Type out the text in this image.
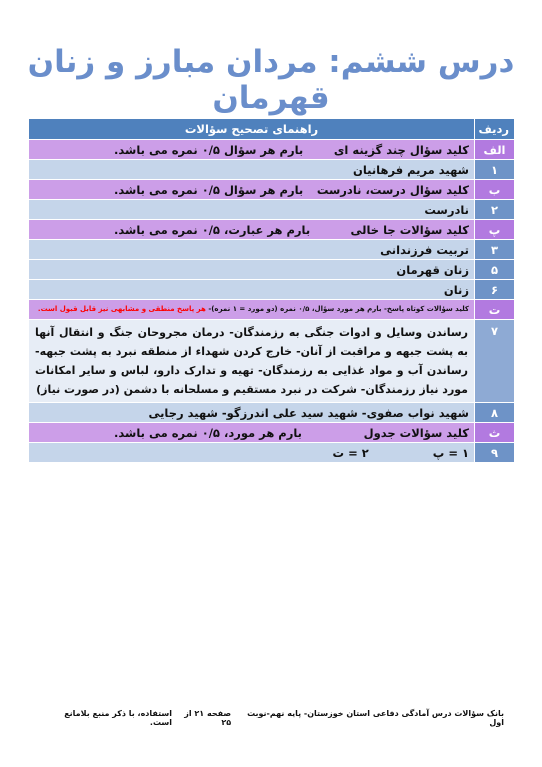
درس ششم: مردان مبارز و زنان قهرمان
ردیف	راهنمای تصحیح سؤالات
الف	کلید سؤال چند گزینه ای
بارم هر سؤال ۰/۵ نمره می باشد.

۱	شهید مریم فرهانیان
ب	کلید سؤال درست، نادرست
بارم هر سؤال ۰/۵ نمره می باشد.

۲	نادرست
پ	کلید سؤالات جا خالی
بارم هر عبارت، ۰/۵ نمره می باشد.

۳	تربیت فرزندانی
۵	زنان قهرمان
۶	زنان
ت	کلید سؤالات کوتاه پاسخ- بارم هر مورد سؤال، ۰/۵ نمره (دو مورد = ۱ نمره)- هر پاسخ منطقی و مشابهی نیز قابل قبول است.
۷	رساندن وسایل و ادوات جنگی به رزمندگان- درمان مجروحان جنگ و انتقال آنها به پشت جبهه و مراقبت از آنان- خارج کردن شهداء از منطقه نبرد به پشت جبهه- رساندن آب و مواد غذایی به رزمندگان- تهیه و تدارک دارو، لباس و سایر امکانات مورد نیاز رزمندگان- شرکت در نبرد مستقیم و مسلحانه با دشمن (در صورت نیاز)
۸	شهید نواب صفوی- شهید سید علی اندرزگو- شهید رجایی
ث	کلید سؤالات جدول
بارم هر مورد، ۰/۵ نمره می باشد.

۹	۱ = پ ۲ = ت
بانک سؤالات درس آمادگی دفاعی استان خوزستان- پایه نهم-نوبت اول
صفحه ۲۱ از ۲۵
استفاده، با ذکر منبع بلامانع است.
